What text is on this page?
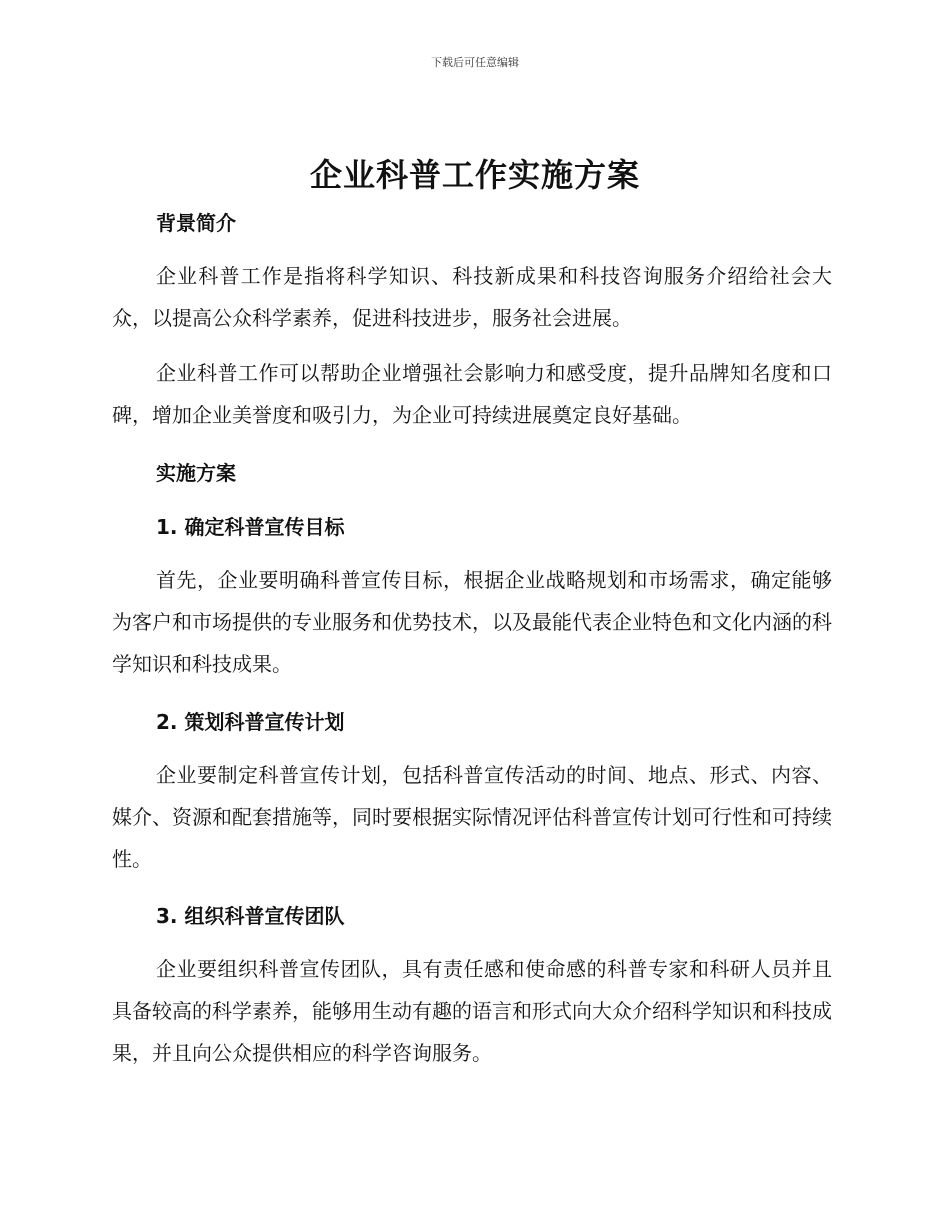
下载后可任意编辑
企业科普工作实施方案
背景简介
企业科普工作是指将科学知识、科技新成果和科技咨询服务介绍给社会大众，以提高公众科学素养，促进科技进步，服务社会进展。
企业科普工作可以帮助企业增强社会影响力和感受度，提升品牌知名度和口碑，增加企业美誉度和吸引力，为企业可持续进展奠定良好基础。
实施方案
1. 确定科普宣传目标
首先，企业要明确科普宣传目标，根据企业战略规划和市场需求，确定能够为客户和市场提供的专业服务和优势技术，以及最能代表企业特色和文化内涵的科学知识和科技成果。
2. 策划科普宣传计划
企业要制定科普宣传计划，包括科普宣传活动的时间、地点、形式、内容、媒介、资源和配套措施等，同时要根据实际情况评估科普宣传计划可行性和可持续性。
3. 组织科普宣传团队
企业要组织科普宣传团队，具有责任感和使命感的科普专家和科研人员并且具备较高的科学素养，能够用生动有趣的语言和形式向大众介绍科学知识和科技成果，并且向公众提供相应的科学咨询服务。
